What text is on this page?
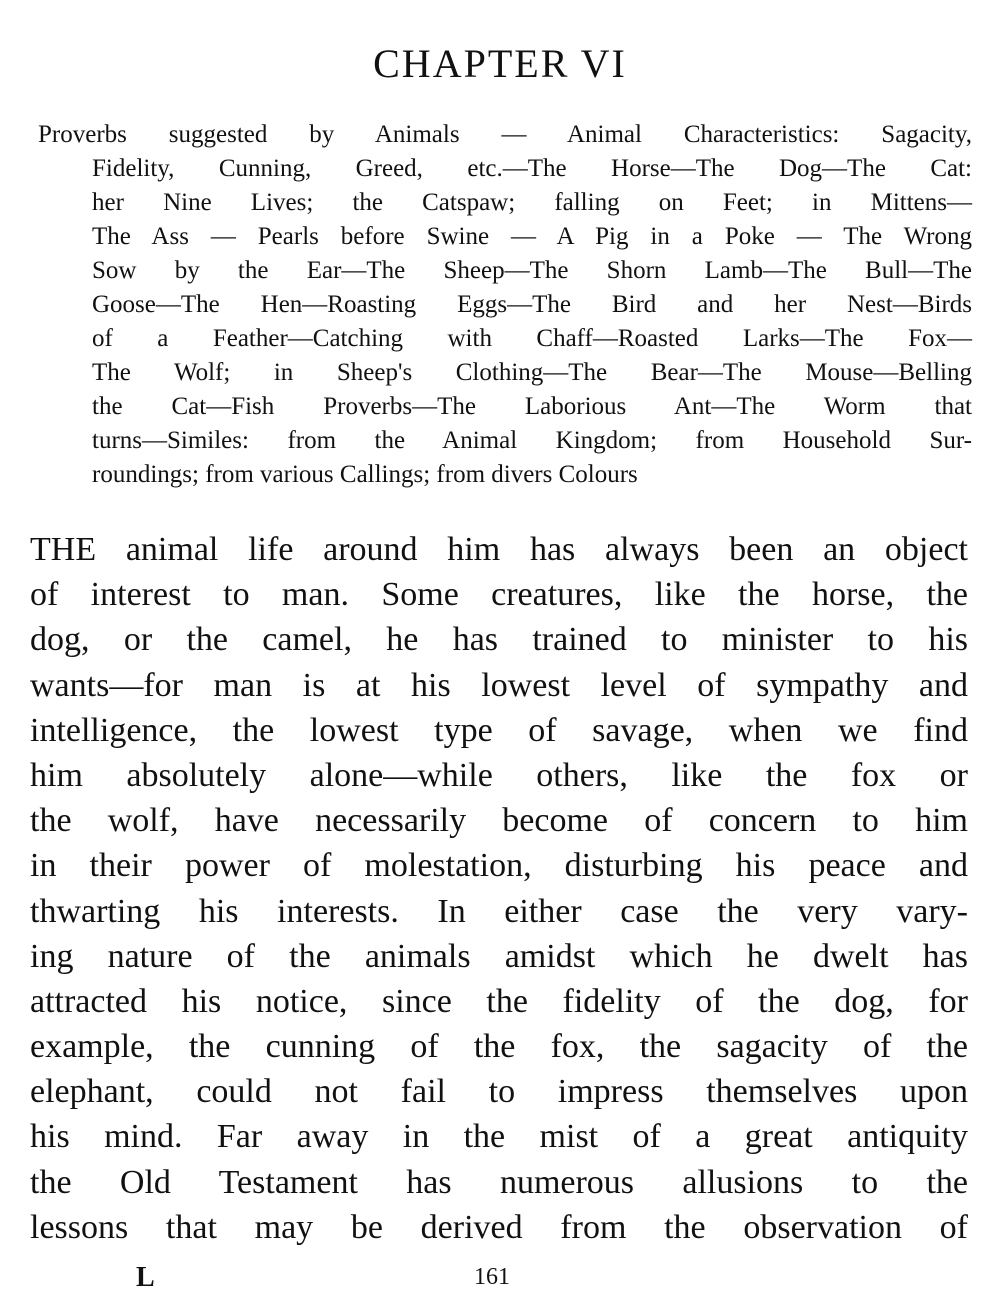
CHAPTER VI
Proverbs suggested by Animals — Animal Characteristics: Sagacity,
Fidelity, Cunning, Greed, etc.—The Horse—The Dog—The Cat:
her Nine Lives; the Catspaw; falling on Feet; in Mittens—
The Ass — Pearls before Swine — A Pig in a Poke — The Wrong
Sow by the Ear—The Sheep—The Shorn Lamb—The Bull—The
Goose—The Hen—Roasting Eggs—The Bird and her Nest—Birds
of a Feather—Catching with Chaff—Roasted Larks—The Fox—
The Wolf; in Sheep's Clothing—The Bear—The Mouse—Belling
the Cat—Fish Proverbs—The Laborious Ant—The Worm that
turns—Similes: from the Animal Kingdom; from Household Sur-
roundings; from various Callings; from divers Colours
THE animal life around him has always been an object
of interest to man. Some creatures, like the horse, the
dog, or the camel, he has trained to minister to his
wants—for man is at his lowest level of sympathy and
intelligence, the lowest type of savage, when we find
him absolutely alone—while others, like the fox or
the wolf, have necessarily become of concern to him
in their power of molestation, disturbing his peace and
thwarting his interests. In either case the very vary-
ing nature of the animals amidst which he dwelt has
attracted his notice, since the fidelity of the dog, for
example, the cunning of the fox, the sagacity of the
elephant, could not fail to impress themselves upon
his mind. Far away in the mist of a great antiquity
the Old Testament has numerous allusions to the
lessons that may be derived from the observation of
L	161
